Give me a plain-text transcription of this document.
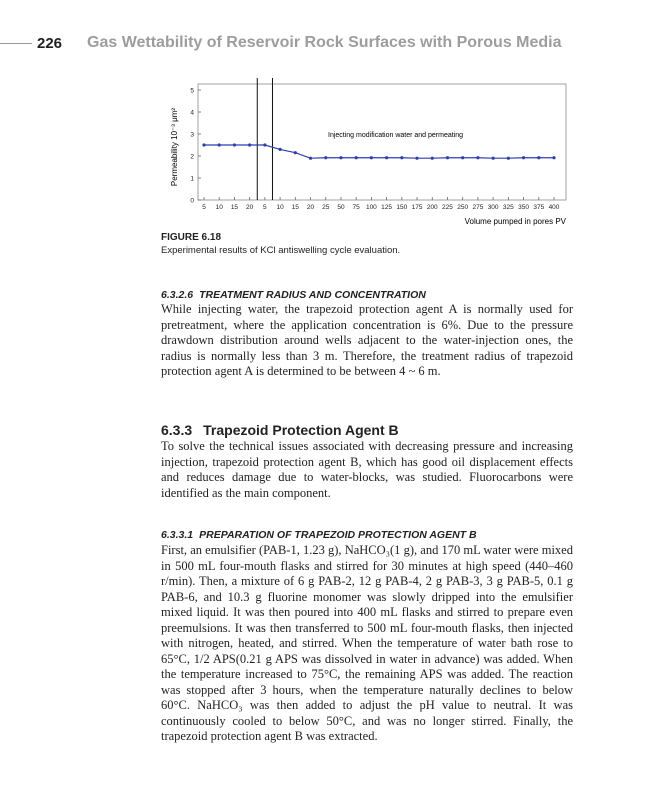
226 Gas Wettability of Reservoir Rock Surfaces with Porous Media
0
1
2
3
4
5
5 10 15 20 5 10 15 20 25 50 75 100 125 150 175 200 225 250 275 300 325 350 375 400
Injecting modification water and permeating
Volume pumped in pores PV
Permeability 10⁻³ μm²
FIGURE 6.18
Experimental results of KCl antiswelling cycle evaluation.
6.3.2.6 TREATMENT RADIUS AND CONCENTRATION

While injecting water, the trapezoid protection agent A is normally used for pretreatment, where the application concentration is 6%. Due to the pressure drawdown distribution around wells adjacent to the water-injection ones, the radius is normally less than 3 m. Therefore, the treatment radius of trapezoid protection agent A is determined to be between 4 ~ 6 m.

6.3.3 Trapezoid Protection Agent B

To solve the technical issues associated with decreasing pressure and increasing injection, trapezoid protection agent B, which has good oil displacement effects and reduces damage due to water-blocks, was studied. Fluorocarbons were identified as the main component.

6.3.3.1 PREPARATION OF TRAPEZOID PROTECTION AGENT B

First, an emulsifier (PAB-1, 1.23 g), NaHCO₃(1 g), and 170 mL water were mixed in 500 mL four-mouth flasks and stirred for 30 minutes at high speed (440–460 r/min). Then, a mixture of 6 g PAB-2, 12 g PAB-4, 2 g PAB-3, 3 g PAB-5, 0.1 g PAB-6, and 10.3 g fluorine monomer was slowly dripped into the emulsifier mixed liquid. It was then poured into 400 mL flasks and stirred to prepare even preemulsions. It was then transferred to 500 mL four-mouth flasks, then injected with nitrogen, heated, and stirred. When the temperature of water bath rose to 65°C, 1/2 APS(0.21 g APS was dissolved in water in advance) was added. When the temperature increased to 75°C, the remaining APS was added. The reaction was stopped after 3 hours, when the temperature naturally declines to below 60°C. NaHCO₃ was then added to adjust the pH value to neutral. It was continuously cooled to below 50°C, and was no longer stirred. Finally, the trapezoid protection agent B was extracted.
